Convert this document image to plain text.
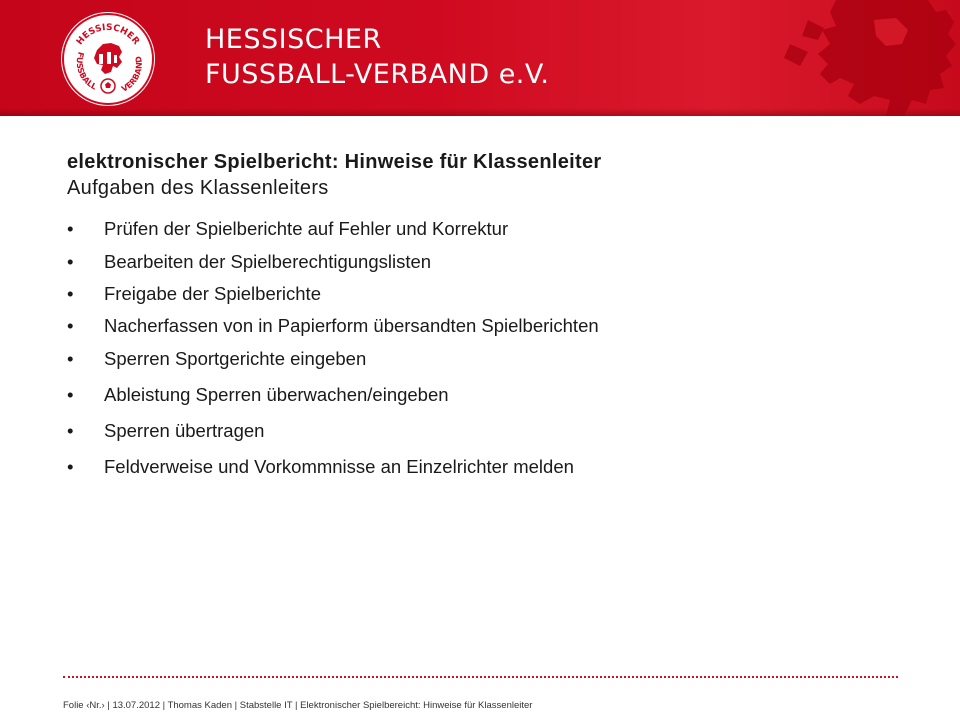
HESSISCHER
FUSSBALL	VERBAND
HESSISCHER
FUSSBALL-VERBAND e.V.
elektronischer Spielbericht: Hinweise für Klassenleiter
Aufgaben des Klassenleiters
• Prüfen der Spielberichte auf Fehler und Korrektur
• Bearbeiten der Spielberechtigungslisten
• Freigabe der Spielberichte
• Nacherfassen von in Papierform übersandten Spielberichten
• Sperren Sportgerichte eingeben
• Ableistung Sperren überwachen/eingeben
• Sperren übertragen
• Feldverweise und Vorkommnisse an Einzelrichter melden
Folie ‹Nr.› | 13.07.2012 | Thomas Kaden | Stabstelle IT | Elektronischer Spielbereicht: Hinweise für Klassenleiter
